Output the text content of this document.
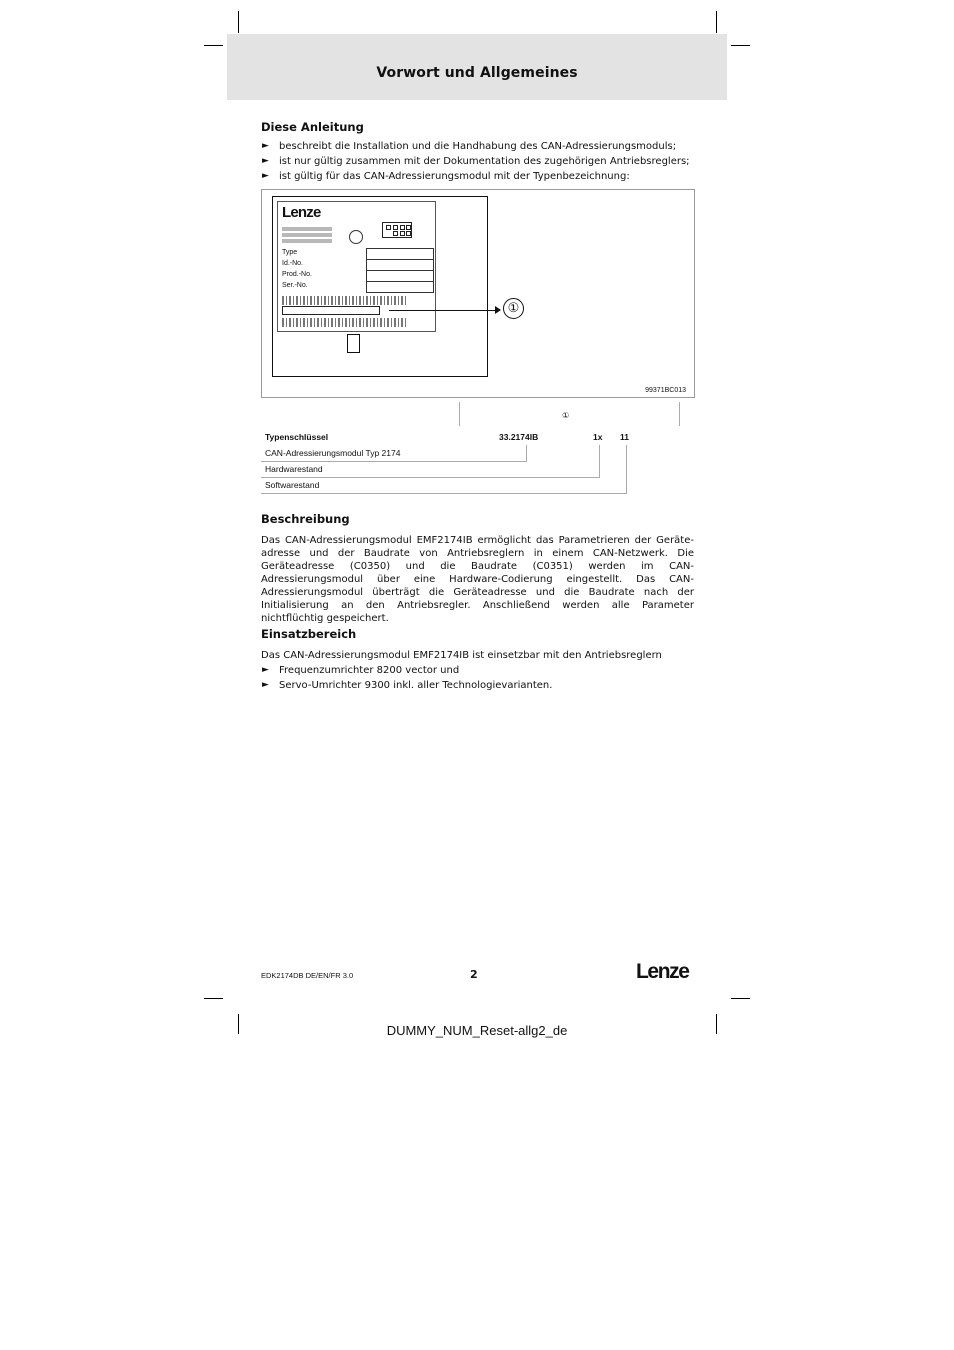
Vorwort und Allgemeines
Diese Anleitung
► beschreibt die Installation und die Handhabung des CAN-Adressierungsmoduls;
► ist nur gültig zusammen mit der Dokumentation des zugehörigen Antriebsreglers;
► ist gültig für das CAN-Adressierungsmodul mit der Typenbezeichnung:
Lenze
Type
Id.-No.
Prod.-No.
Ser.-No.
①
99371BC013
①
Typenschlüssel	33.2174IB	1x 11
CAN-Adressierungsmodul Typ 2174
Hardwarestand
Softwarestand
Beschreibung

Das CAN-Adressierungsmodul EMF2174IB ermöglicht das Parametrieren der Geräteadresse und der Baudrate von Antriebsreglern in einem CAN-Netzwerk. Die Geräteadresse (C0350) und die Baudrate (C0351) werden im CAN-Adressierungsmodul über eine Hardware-Codierung eingestellt. Das CAN-Adressierungsmodul überträgt die Geräteadresse und die Baudrate nach der Initialisierung an den Antriebsregler. Anschließend werden alle Parameter nichtflüchtig gespeichert.

Einsatzbereich

Das CAN-Adressierungsmodul EMF2174IB ist einsetzbar mit den Antriebsreglern

► Frequenzumrichter 8200 vector und
► Servo-Umrichter 9300 inkl. aller Technologievarianten.
EDK2174DB DE/EN/FR 3.0	2	Lenze
DUMMY_NUM_Reset-allg2_de
